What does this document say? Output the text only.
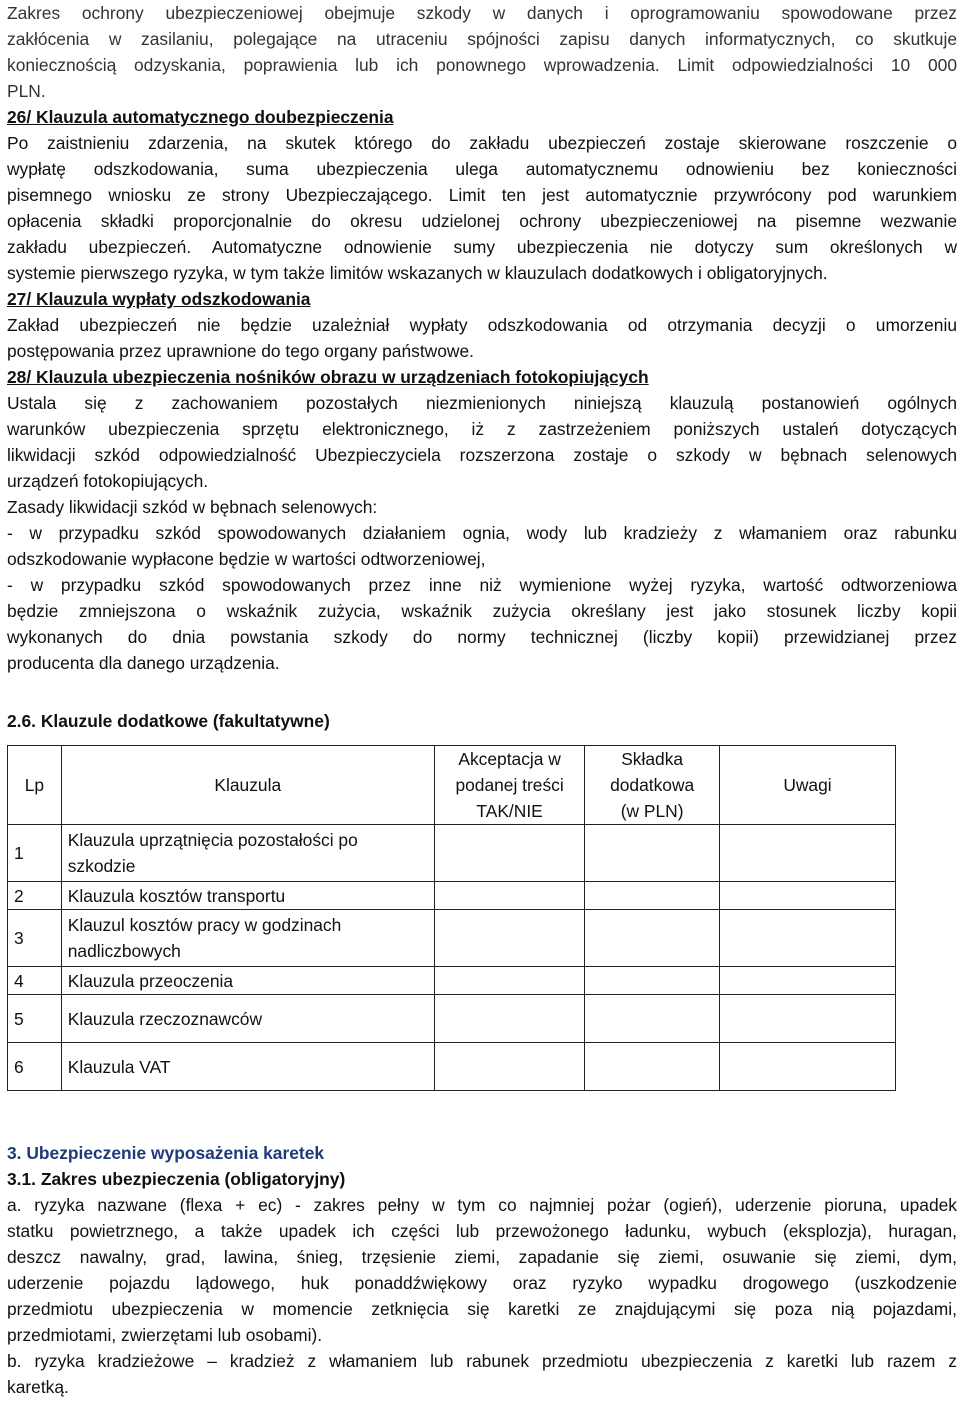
Zakres ochrony ubezpieczeniowej obejmuje szkody w danych i oprogramowaniu spowodowane przez
zakłócenia w zasilaniu, polegające na utraceniu spójności zapisu danych informatycznych, co skutkuje
koniecznością odzyskania, poprawienia lub ich ponownego wprowadzenia. Limit odpowiedzialności 10 000
PLN.

26/ Klauzula automatycznego doubezpieczenia

Po zaistnieniu zdarzenia, na skutek którego do zakładu ubezpieczeń zostaje skierowane roszczenie o
wypłatę odszkodowania, suma ubezpieczenia ulega automatycznemu odnowieniu bez konieczności
pisemnego wniosku ze strony Ubezpieczającego. Limit ten jest automatycznie przywrócony pod warunkiem
opłacenia składki proporcjonalnie do okresu udzielonej ochrony ubezpieczeniowej na pisemne wezwanie
zakładu ubezpieczeń. Automatyczne odnowienie sumy ubezpieczenia nie dotyczy sum określonych w
systemie pierwszego ryzyka, w tym także limitów wskazanych w klauzulach dodatkowych i obligatoryjnych.

27/ Klauzula wypłaty odszkodowania

Zakład ubezpieczeń nie będzie uzależniał wypłaty odszkodowania od otrzymania decyzji o umorzeniu
postępowania przez uprawnione do tego organy państwowe.

28/ Klauzula ubezpieczenia nośników obrazu w urządzeniach fotokopiujących

Ustala się z zachowaniem pozostałych niezmienionych niniejszą klauzulą postanowień ogólnych
warunków ubezpieczenia sprzętu elektronicznego, iż z zastrzeżeniem poniższych ustaleń dotyczących
likwidacji szkód odpowiedzialność Ubezpieczyciela rozszerzona zostaje o szkody w bębnach selenowych
urządzeń fotokopiujących.

Zasady likwidacji szkód w bębnach selenowych:

- w przypadku szkód spowodowanych działaniem ognia, wody lub kradzieży z włamaniem oraz rabunku
odszkodowanie wypłacone będzie w wartości odtworzeniowej,

- w przypadku szkód spowodowanych przez inne niż wymienione wyżej ryzyka, wartość odtworzeniowa
będzie zmniejszona o wskaźnik zużycia, wskaźnik zużycia określany jest jako stosunek liczby kopii
wykonanych do dnia powstania szkody do normy technicznej (liczby kopii) przewidzianej przez
producenta dla danego urządzenia.

2.6. Klauzule dodatkowe (fakultatywne)

Lp	Klauzula	Akceptacja w
podanej treści
TAK/NIE	Składka
dodatkowa
(w PLN)	Uwagi
1	Klauzula uprzątnięcia pozostałości po
szkodzie			
2	Klauzula kosztów transportu			
3	Klauzul kosztów pracy w godzinach
nadliczbowych			
4	Klauzula przeoczenia			
5	Klauzula rzeczoznawców			
6	Klauzula VAT			

3. Ubezpieczenie wyposażenia karetek

3.1. Zakres ubezpieczenia (obligatoryjny)

a. ryzyka nazwane (flexa + ec) - zakres pełny w tym co najmniej pożar (ogień), uderzenie pioruna, upadek
statku powietrznego, a także upadek ich części lub przewożonego ładunku, wybuch (eksplozja), huragan,
deszcz nawalny, grad, lawina, śnieg, trzęsienie ziemi, zapadanie się ziemi, osuwanie się ziemi, dym,
uderzenie pojazdu lądowego, huk ponaddźwiękowy oraz ryzyko wypadku drogowego (uszkodzenie
przedmiotu ubezpieczenia w momencie zetknięcia się karetki ze znajdującymi się poza nią pojazdami,
przedmiotami, zwierzętami lub osobami).

b. ryzyka kradzieżowe – kradzież z włamaniem lub rabunek przedmiotu ubezpieczenia z karetki lub razem z
karetką.
